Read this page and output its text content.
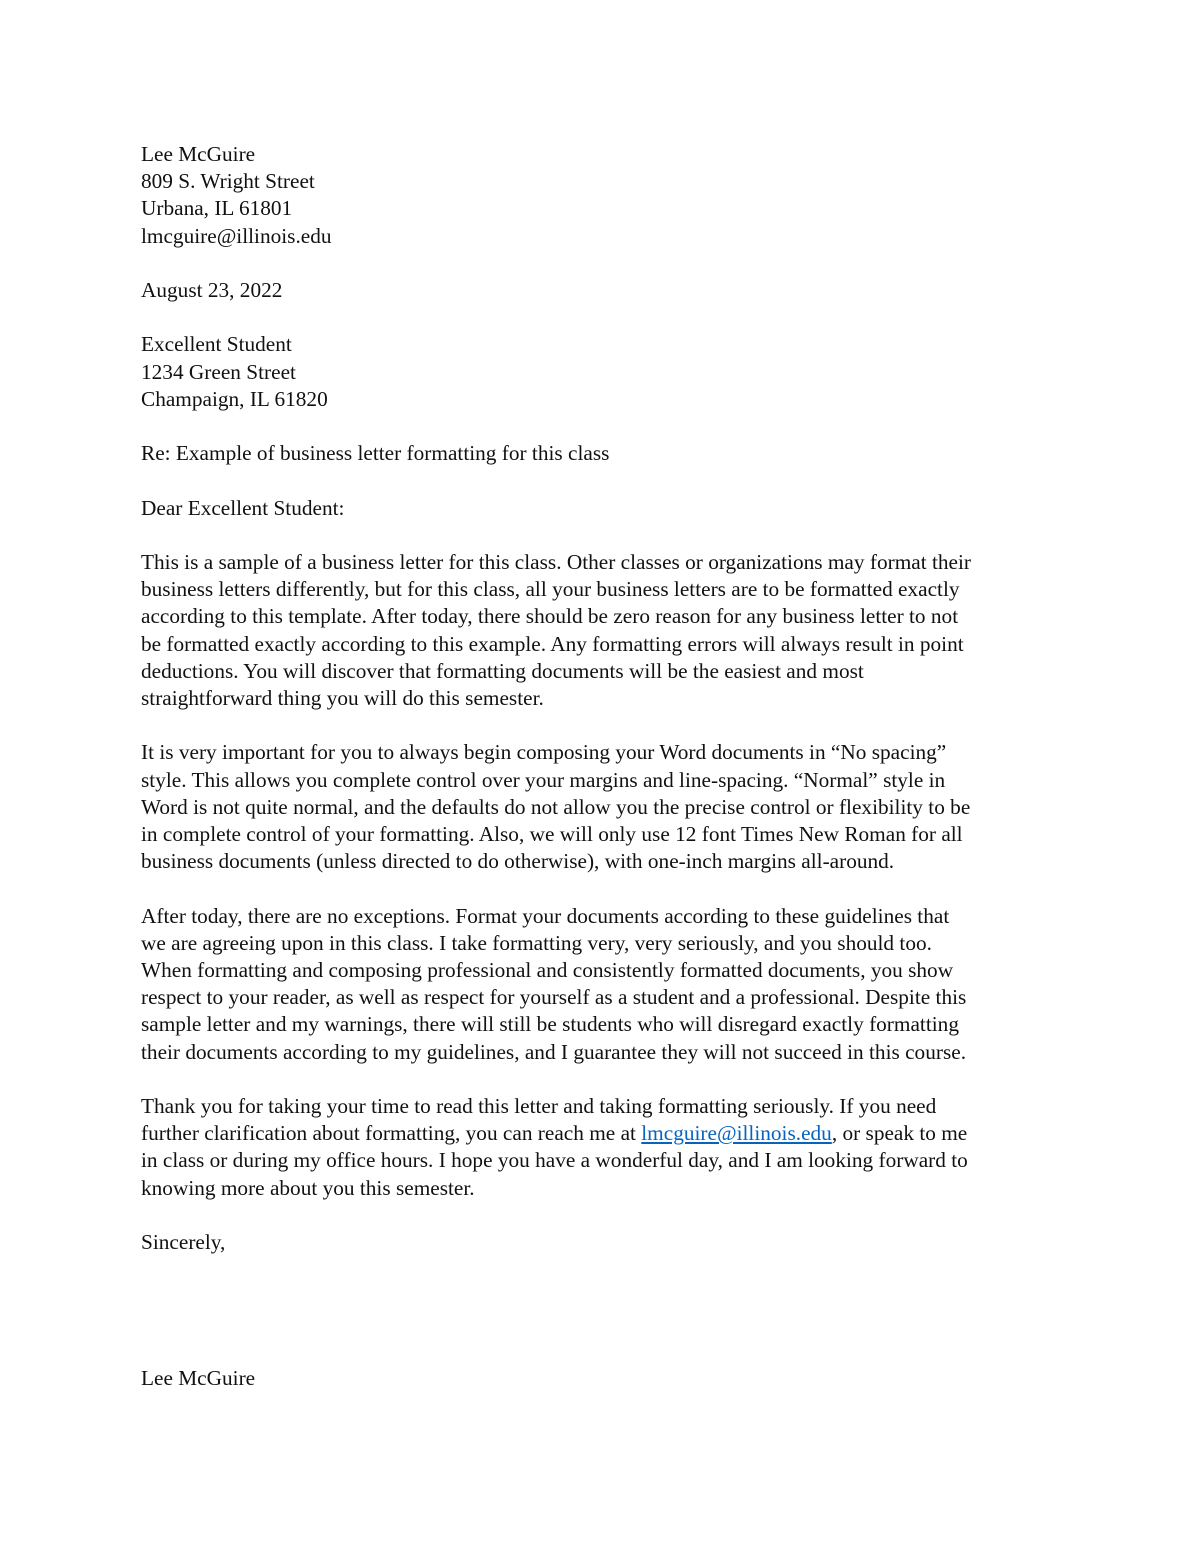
Lee McGuire
809 S. Wright Street
Urbana, IL 61801
lmcguire@illinois.edu
August 23, 2022
Excellent Student
1234 Green Street
Champaign, IL 61820
Re: Example of business letter formatting for this class
Dear Excellent Student:
This is a sample of a business letter for this class. Other classes or organizations may format their
business letters differently, but for this class, all your business letters are to be formatted exactly
according to this template. After today, there should be zero reason for any business letter to not
be formatted exactly according to this example. Any formatting errors will always result in point
deductions. You will discover that formatting documents will be the easiest and most
straightforward thing you will do this semester.
It is very important for you to always begin composing your Word documents in “No spacing”
style. This allows you complete control over your margins and line-spacing. “Normal” style in
Word is not quite normal, and the defaults do not allow you the precise control or flexibility to be
in complete control of your formatting. Also, we will only use 12 font Times New Roman for all
business documents (unless directed to do otherwise), with one-inch margins all-around.
After today, there are no exceptions. Format your documents according to these guidelines that
we are agreeing upon in this class. I take formatting very, very seriously, and you should too.
When formatting and composing professional and consistently formatted documents, you show
respect to your reader, as well as respect for yourself as a student and a professional. Despite this
sample letter and my warnings, there will still be students who will disregard exactly formatting
their documents according to my guidelines, and I guarantee they will not succeed in this course.
Thank you for taking your time to read this letter and taking formatting seriously. If you need
further clarification about formatting, you can reach me at lmcguire@illinois.edu, or speak to me
in class or during my office hours. I hope you have a wonderful day, and I am looking forward to
knowing more about you this semester.
Sincerely,
Lee McGuire
